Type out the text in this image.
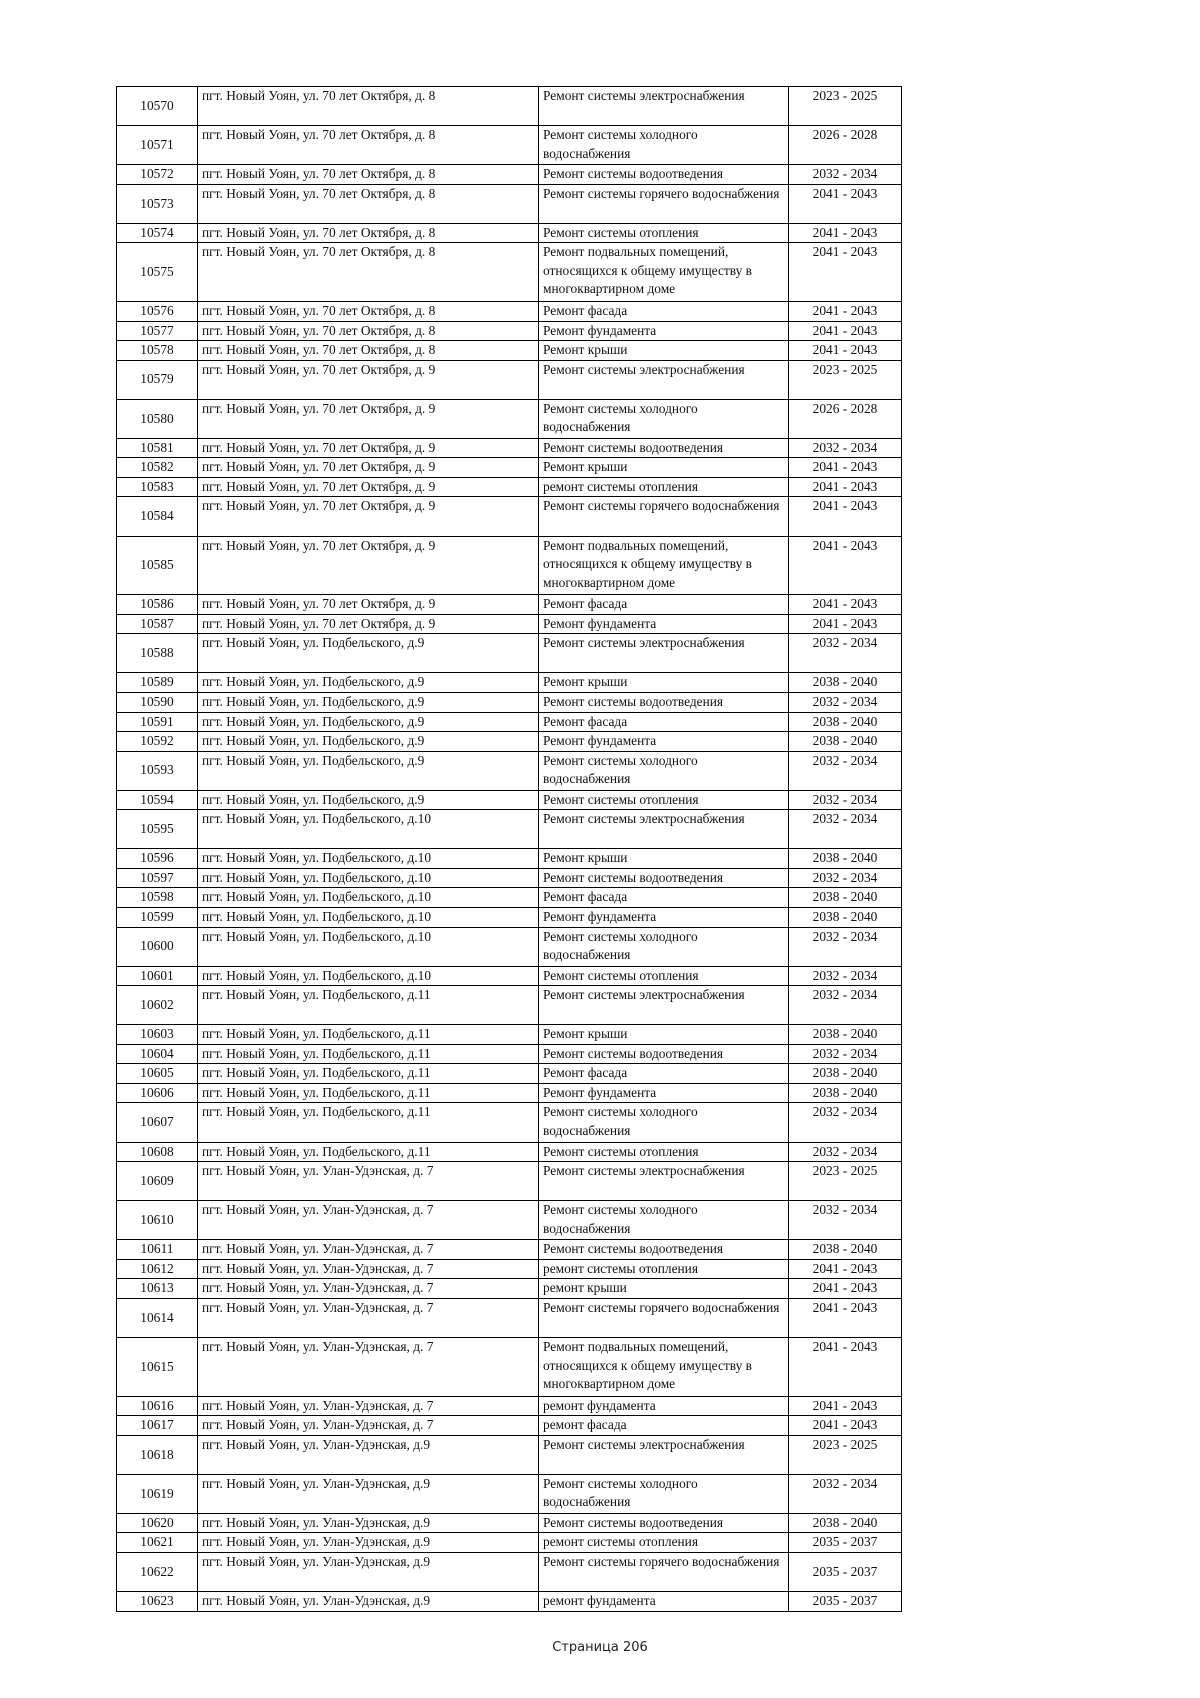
10570	пгт. Новый Уоян, ул. 70 лет Октября, д. 8	Ремонт системы электроснабжения	2023 - 2025
10571	пгт. Новый Уоян, ул. 70 лет Октября, д. 8	Ремонт системы холодного водоснабжения	2026 - 2028
10572	пгт. Новый Уоян, ул. 70 лет Октября, д. 8	Ремонт системы водоотведения	2032 - 2034
10573	пгт. Новый Уоян, ул. 70 лет Октября, д. 8	Ремонт системы горячего водоснабжения	2041 - 2043
10574	пгт. Новый Уоян, ул. 70 лет Октября, д. 8	Ремонт системы отопления	2041 - 2043
10575	пгт. Новый Уоян, ул. 70 лет Октября, д. 8	Ремонт подвальных помещений, относящихся к общему имуществу в многоквартирном доме	2041 - 2043
10576	пгт. Новый Уоян, ул. 70 лет Октября, д. 8	Ремонт фасада	2041 - 2043
10577	пгт. Новый Уоян, ул. 70 лет Октября, д. 8	Ремонт фундамента	2041 - 2043
10578	пгт. Новый Уоян, ул. 70 лет Октября, д. 8	Ремонт крыши	2041 - 2043
10579	пгт. Новый Уоян, ул. 70 лет Октября, д. 9	Ремонт системы электроснабжения	2023 - 2025
10580	пгт. Новый Уоян, ул. 70 лет Октября, д. 9	Ремонт системы холодного водоснабжения	2026 - 2028
10581	пгт. Новый Уоян, ул. 70 лет Октября, д. 9	Ремонт системы водоотведения	2032 - 2034
10582	пгт. Новый Уоян, ул. 70 лет Октября, д. 9	Ремонт крыши	2041 - 2043
10583	пгт. Новый Уоян, ул. 70 лет Октября, д. 9	ремонт системы отопления	2041 - 2043
10584	пгт. Новый Уоян, ул. 70 лет Октября, д. 9	Ремонт системы горячего водоснабжения	2041 - 2043
10585	пгт. Новый Уоян, ул. 70 лет Октября, д. 9	Ремонт подвальных помещений, относящихся к общему имуществу в многоквартирном доме	2041 - 2043
10586	пгт. Новый Уоян, ул. 70 лет Октября, д. 9	Ремонт фасада	2041 - 2043
10587	пгт. Новый Уоян, ул. 70 лет Октября, д. 9	Ремонт фундамента	2041 - 2043
10588	пгт. Новый Уоян, ул. Подбельского, д.9	Ремонт системы электроснабжения	2032 - 2034
10589	пгт. Новый Уоян, ул. Подбельского, д.9	Ремонт крыши	2038 - 2040
10590	пгт. Новый Уоян, ул. Подбельского, д.9	Ремонт системы водоотведения	2032 - 2034
10591	пгт. Новый Уоян, ул. Подбельского, д.9	Ремонт фасада	2038 - 2040
10592	пгт. Новый Уоян, ул. Подбельского, д.9	Ремонт фундамента	2038 - 2040
10593	пгт. Новый Уоян, ул. Подбельского, д.9	Ремонт системы холодного водоснабжения	2032 - 2034
10594	пгт. Новый Уоян, ул. Подбельского, д.9	Ремонт системы отопления	2032 - 2034
10595	пгт. Новый Уоян, ул. Подбельского, д.10	Ремонт системы электроснабжения	2032 - 2034
10596	пгт. Новый Уоян, ул. Подбельского, д.10	Ремонт крыши	2038 - 2040
10597	пгт. Новый Уоян, ул. Подбельского, д.10	Ремонт системы водоотведения	2032 - 2034
10598	пгт. Новый Уоян, ул. Подбельского, д.10	Ремонт фасада	2038 - 2040
10599	пгт. Новый Уоян, ул. Подбельского, д.10	Ремонт фундамента	2038 - 2040
10600	пгт. Новый Уоян, ул. Подбельского, д.10	Ремонт системы холодного водоснабжения	2032 - 2034
10601	пгт. Новый Уоян, ул. Подбельского, д.10	Ремонт системы отопления	2032 - 2034
10602	пгт. Новый Уоян, ул. Подбельского, д.11	Ремонт системы электроснабжения	2032 - 2034
10603	пгт. Новый Уоян, ул. Подбельского, д.11	Ремонт крыши	2038 - 2040
10604	пгт. Новый Уоян, ул. Подбельского, д.11	Ремонт системы водоотведения	2032 - 2034
10605	пгт. Новый Уоян, ул. Подбельского, д.11	Ремонт фасада	2038 - 2040
10606	пгт. Новый Уоян, ул. Подбельского, д.11	Ремонт фундамента	2038 - 2040
10607	пгт. Новый Уоян, ул. Подбельского, д.11	Ремонт системы холодного водоснабжения	2032 - 2034
10608	пгт. Новый Уоян, ул. Подбельского, д.11	Ремонт системы отопления	2032 - 2034
10609	пгт. Новый Уоян, ул. Улан-Удэнская, д. 7	Ремонт системы электроснабжения	2023 - 2025
10610	пгт. Новый Уоян, ул. Улан-Удэнская, д. 7	Ремонт системы холодного водоснабжения	2032 - 2034
10611	пгт. Новый Уоян, ул. Улан-Удэнская, д. 7	Ремонт системы водоотведения	2038 - 2040
10612	пгт. Новый Уоян, ул. Улан-Удэнская, д. 7	ремонт системы отопления	2041 - 2043
10613	пгт. Новый Уоян, ул. Улан-Удэнская, д. 7	ремонт крыши	2041 - 2043
10614	пгт. Новый Уоян, ул. Улан-Удэнская, д. 7	Ремонт системы горячего водоснабжения	2041 - 2043
10615	пгт. Новый Уоян, ул. Улан-Удэнская, д. 7	Ремонт подвальных помещений, относящихся к общему имуществу в многоквартирном доме	2041 - 2043
10616	пгт. Новый Уоян, ул. Улан-Удэнская, д. 7	ремонт фундамента	2041 - 2043
10617	пгт. Новый Уоян, ул. Улан-Удэнская, д. 7	ремонт фасада	2041 - 2043
10618	пгт. Новый Уоян, ул. Улан-Удэнская, д.9	Ремонт системы электроснабжения	2023 - 2025
10619	пгт. Новый Уоян, ул. Улан-Удэнская, д.9	Ремонт системы холодного водоснабжения	2032 - 2034
10620	пгт. Новый Уоян, ул. Улан-Удэнская, д.9	Ремонт системы водоотведения	2038 - 2040
10621	пгт. Новый Уоян, ул. Улан-Удэнская, д.9	ремонт системы отопления	2035 - 2037
10622	пгт. Новый Уоян, ул. Улан-Удэнская, д.9	Ремонт системы горячего водоснабжения	2035 - 2037
10623	пгт. Новый Уоян, ул. Улан-Удэнская, д.9	ремонт фундамента	2035 - 2037
Страница 206
